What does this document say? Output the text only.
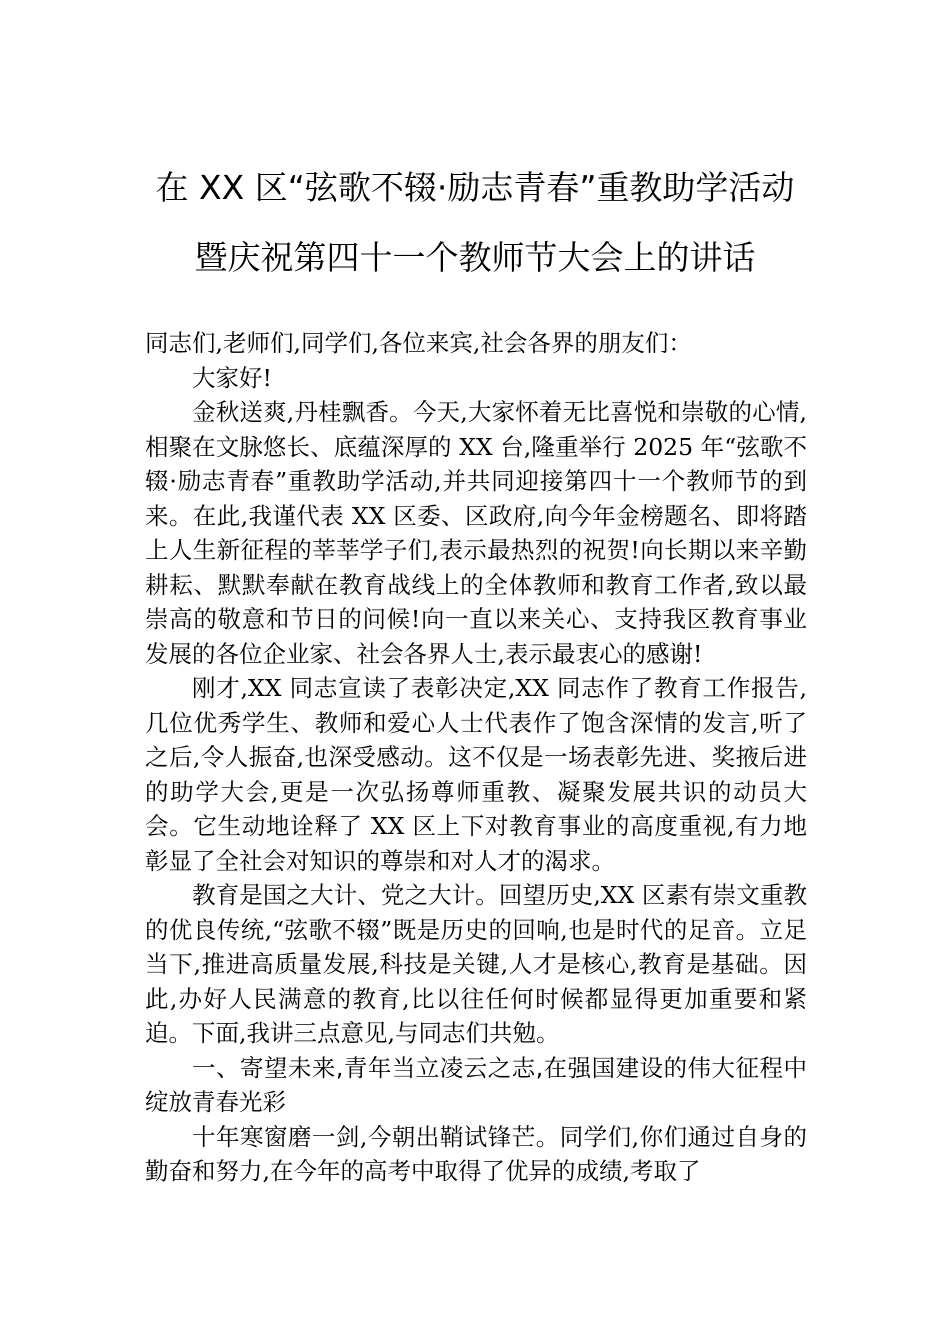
在 XX 区“弦歌不辍·励志青春”重教助学活动
暨庆祝第四十一个教师节大会上的讲话

同志们,老师们,同学们,各位来宾,社会各界的朋友们：

大家好!

金秋送爽,丹桂飘香。今天,大家怀着无比喜悦和崇敬的心情,相聚在文脉悠长、底蕴深厚的 XX 台,隆重举行 2025 年“弦歌不辍·励志青春”重教助学活动,并共同迎接第四十一个教师节的到来。在此,我谨代表 XX 区委、区政府,向今年金榜题名、即将踏上人生新征程的莘莘学子们,表示最热烈的祝贺!向长期以来辛勤耕耘、默默奉献在教育战线上的全体教师和教育工作者,致以最崇高的敬意和节日的问候!向一直以来关心、支持我区教育事业发展的各位企业家、社会各界人士,表示最衷心的感谢!

刚才,XX 同志宣读了表彰决定,XX 同志作了教育工作报告,几位优秀学生、教师和爱心人士代表作了饱含深情的发言,听了之后,令人振奋,也深受感动。这不仅是一场表彰先进、奖掖后进的助学大会,更是一次弘扬尊师重教、凝聚发展共识的动员大会。它生动地诠释了 XX 区上下对教育事业的高度重视,有力地彰显了全社会对知识的尊崇和对人才的渴求。

教育是国之大计、党之大计。回望历史,XX 区素有崇文重教的优良传统,“弦歌不辍”既是历史的回响,也是时代的足音。立足当下,推进高质量发展,科技是关键,人才是核心,教育是基础。因此,办好人民满意的教育,比以往任何时候都显得更加重要和紧迫。下面,我讲三点意见,与同志们共勉。

一、寄望未来,青年当立凌云之志,在强国建设的伟大征程中绽放青春光彩

十年寒窗磨一剑,今朝出鞘试锋芒。同学们,你们通过自身的勤奋和努力,在今年的高考中取得了优异的成绩,考取了
